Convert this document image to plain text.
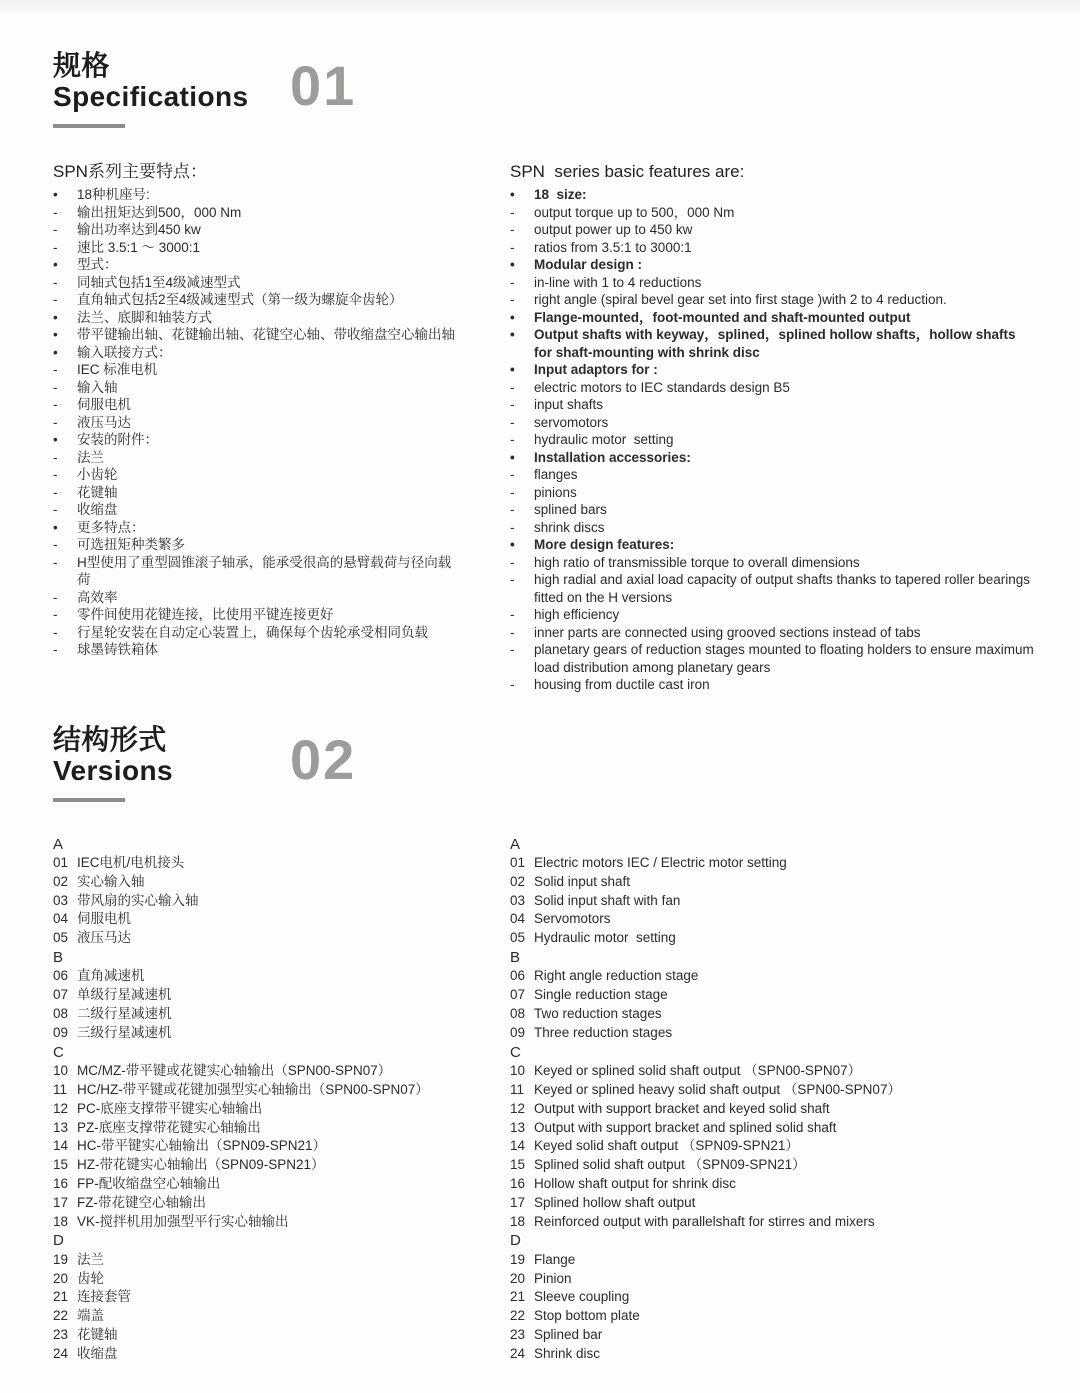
规格
Specifications 01
SPN系列主要特点：
•	18种机座号:
-	输出扭矩达到500，000 Nm
-	输出功率达到450 kw
-	速比 3.5:1 ～ 3000:1
•	型式：
-	同轴式包括1至4级减速型式
-	直角轴式包括2至4级减速型式（第一级为螺旋伞齿轮）
•	法兰、底脚和轴装方式
•	带平键输出轴、花键输出轴、花键空心轴、带收缩盘空心输出轴
•	输入联接方式：
-	IEC 标准电机
-	输入轴
-	伺服电机
-	液压马达
•	安装的附件：
-	法兰
-	小齿轮
-	花键轴
-	收缩盘
•	更多特点：
-	可选扭矩种类繁多
-	H型使用了重型圆锥滚子轴承，能承受很高的悬臂载荷与径向载荷
-	高效率
-	零件间使用花键连接，比使用平键连接更好
-	行星轮安装在自动定心装置上，确保每个齿轮承受相同负载
-	球墨铸铁箱体
SPN  series basic features are:
•	18  size:
-	output torque up to 500，000 Nm
-	output power up to 450 kw
-	ratios from 3.5:1 to 3000:1
•	Modular design :
-	in-line with 1 to 4 reductions
-	right angle (spiral bevel gear set into first stage )with 2 to 4 reduction.
•	Flange-mounted，foot-mounted and shaft-mounted output
•	Output shafts with keyway，splined，splined hollow shafts，hollow shafts for shaft-mounting with shrink disc
•	Input adaptors for :
-	electric motors to IEC standards design B5
-	input shafts
-	servomotors
-	hydraulic motor  setting
•	Installation accessories:
-	flanges
-	pinions
-	splined bars
-	shrink discs
•	More design features:
-	high ratio of transmissible torque to overall dimensions
-	high radial and axial load capacity of output shafts thanks to tapered roller bearings fitted on the H versions
-	high efficiency
-	inner parts are connected using grooved sections instead of tabs
-	planetary gears of reduction stages mounted to floating holders to ensure maximum load distribution among planetary gears
-	housing from ductile cast iron
结构形式
Versions	02
A
01 IEC电机/电机接头
02 实心输入轴
03 带风扇的实心输入轴
04 伺服电机
05 液压马达
B
06 直角减速机
07 单级行星减速机
08 二级行星减速机
09 三级行星减速机
C
10 MC/MZ-带平键或花键实心轴输出（SPN00-SPN07）
11 HC/HZ-带平键或花键加强型实心轴输出（SPN00-SPN07）
12 PC-底座支撑带平键实心轴输出
13 PZ-底座支撑带花键实心轴输出
14 HC-带平键实心轴输出（SPN09-SPN21）
15 HZ-带花键实心轴输出（SPN09-SPN21）
16 FP-配收缩盘空心轴输出
17 FZ-带花键空心轴输出
18 VK-搅拌机用加强型平行实心轴输出
D
19 法兰
20 齿轮
21 连接套管
22 端盖
23 花键轴
24 收缩盘
A
01 Electric motors IEC / Electric motor setting
02 Solid input shaft
03 Solid input shaft with fan
04 Servomotors
05 Hydraulic motor  setting
B
06 Right angle reduction stage
07 Single reduction stage
08 Two reduction stages
09 Three reduction stages
C
10 Keyed or splined solid shaft output （SPN00-SPN07）
11 Keyed or splined heavy solid shaft output （SPN00-SPN07）
12 Output with support bracket and keyed solid shaft
13 Output with support bracket and splined solid shaft
14 Keyed solid shaft output （SPN09-SPN21）
15 Splined solid shaft output （SPN09-SPN21）
16 Hollow shaft output for shrink disc
17 Splined hollow shaft output
18 Reinforced output with parallelshaft for stirres and mixers
D
19 Flange
20 Pinion
21 Sleeve coupling
22 Stop bottom plate
23 Splined bar
24 Shrink disc
